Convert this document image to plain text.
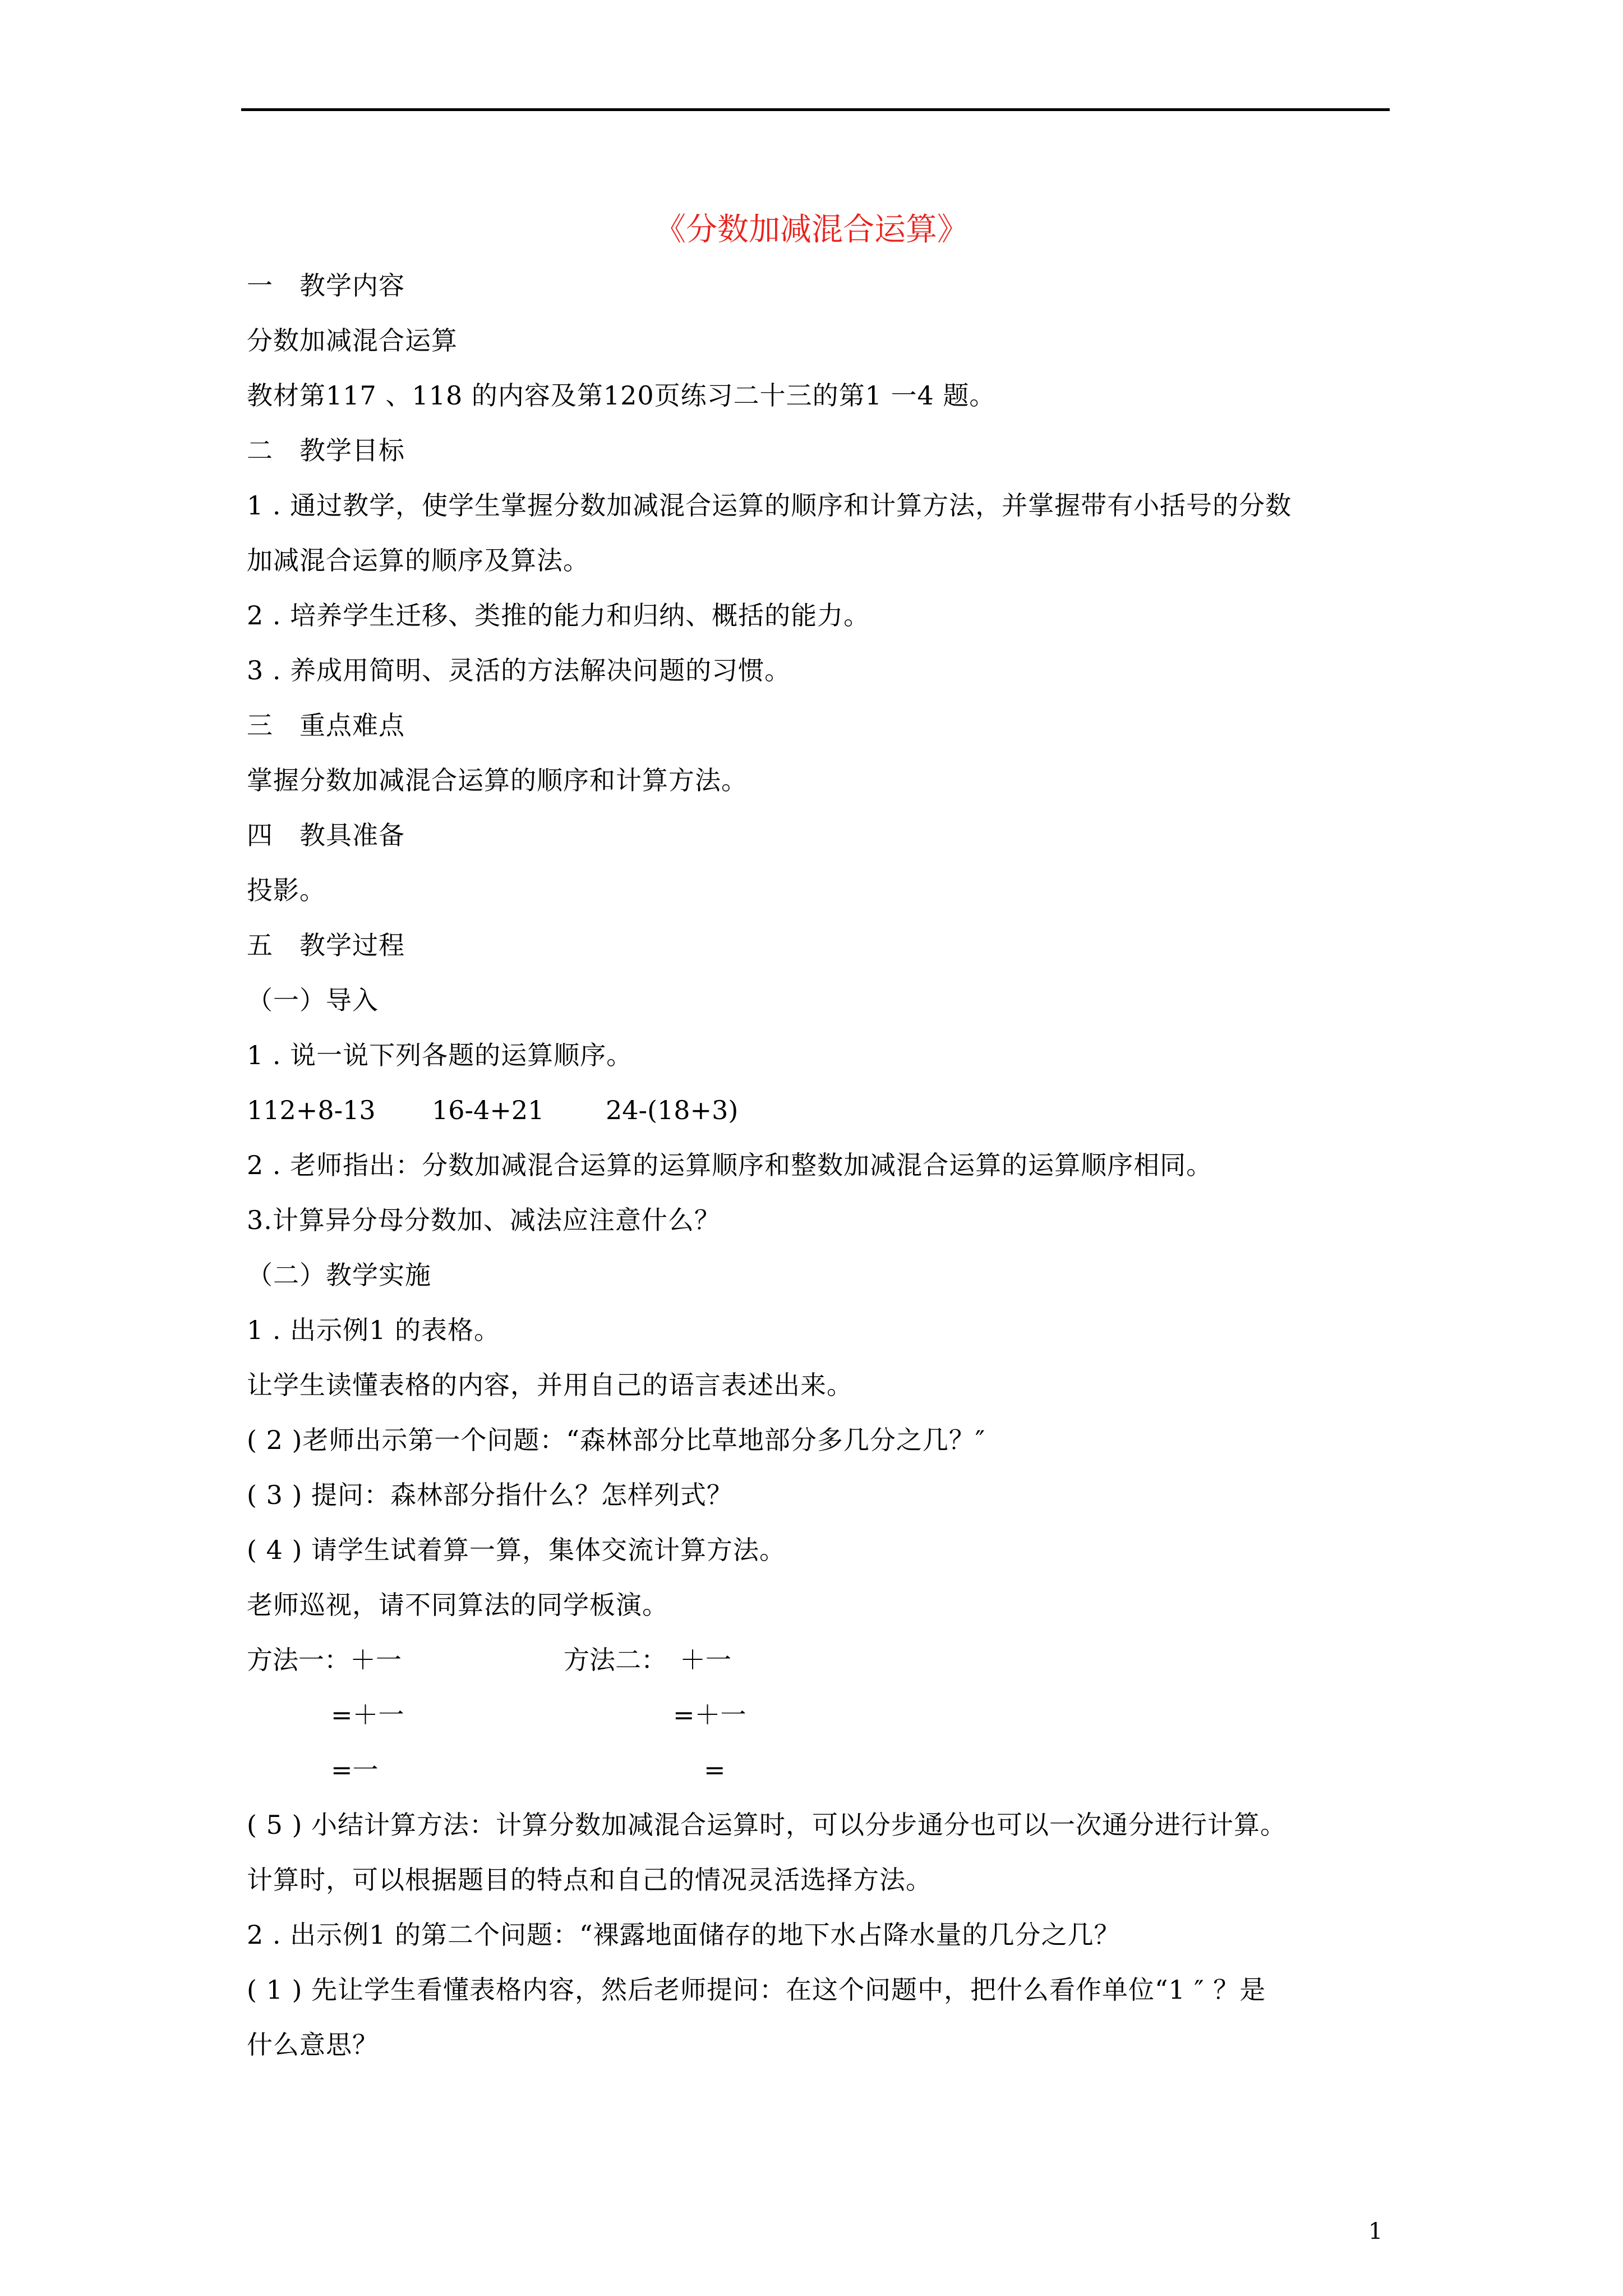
《分数加减混合运算》
一　教学内容
分数加减混合运算
教材第117 、118 的内容及第120页练习二十三的第1 一4 题。
二　教学目标
1 . 通过教学，使学生掌握分数加减混合运算的顺序和计算方法，并掌握带有小括号的分数
加减混合运算的顺序及算法。
2 . 培养学生迁移、类推的能力和归纳、概括的能力。
3 . 养成用简明、灵活的方法解决问题的习惯。
三　重点难点
掌握分数加减混合运算的顺序和计算方法。
四　教具准备
投影。
五　教学过程
（一）导入
1 . 说一说下列各题的运算顺序。
112+8-13 16-4+21 24-(18+3)
2 . 老师指出：分数加减混合运算的运算顺序和整数加减混合运算的运算顺序相同。
3.计算异分母分数加、减法应注意什么？
（二）教学实施
1 . 出示例1 的表格。
让学生读懂表格的内容，并用自己的语言表述出来。
( 2 )老师出示第一个问题：“森林部分比草地部分多几分之几？″
( 3 ) 提问：森林部分指什么？怎样列式？
( 4 ) 请学生试着算一算，集体交流计算方法。
老师巡视，请不同算法的同学板演。
方法一：＋一	方法二：　＋一
=＋一	=＋一
=一	=
( 5 ) 小结计算方法：计算分数加减混合运算时，可以分步通分也可以一次通分进行计算。
计算时，可以根据题目的特点和自己的情况灵活选择方法。
2 . 出示例1 的第二个问题：“裸露地面储存的地下水占降水量的几分之几？
( 1 ) 先让学生看懂表格内容，然后老师提问：在这个问题中，把什么看作单位“1 ″ ？是
什么意思？
1
